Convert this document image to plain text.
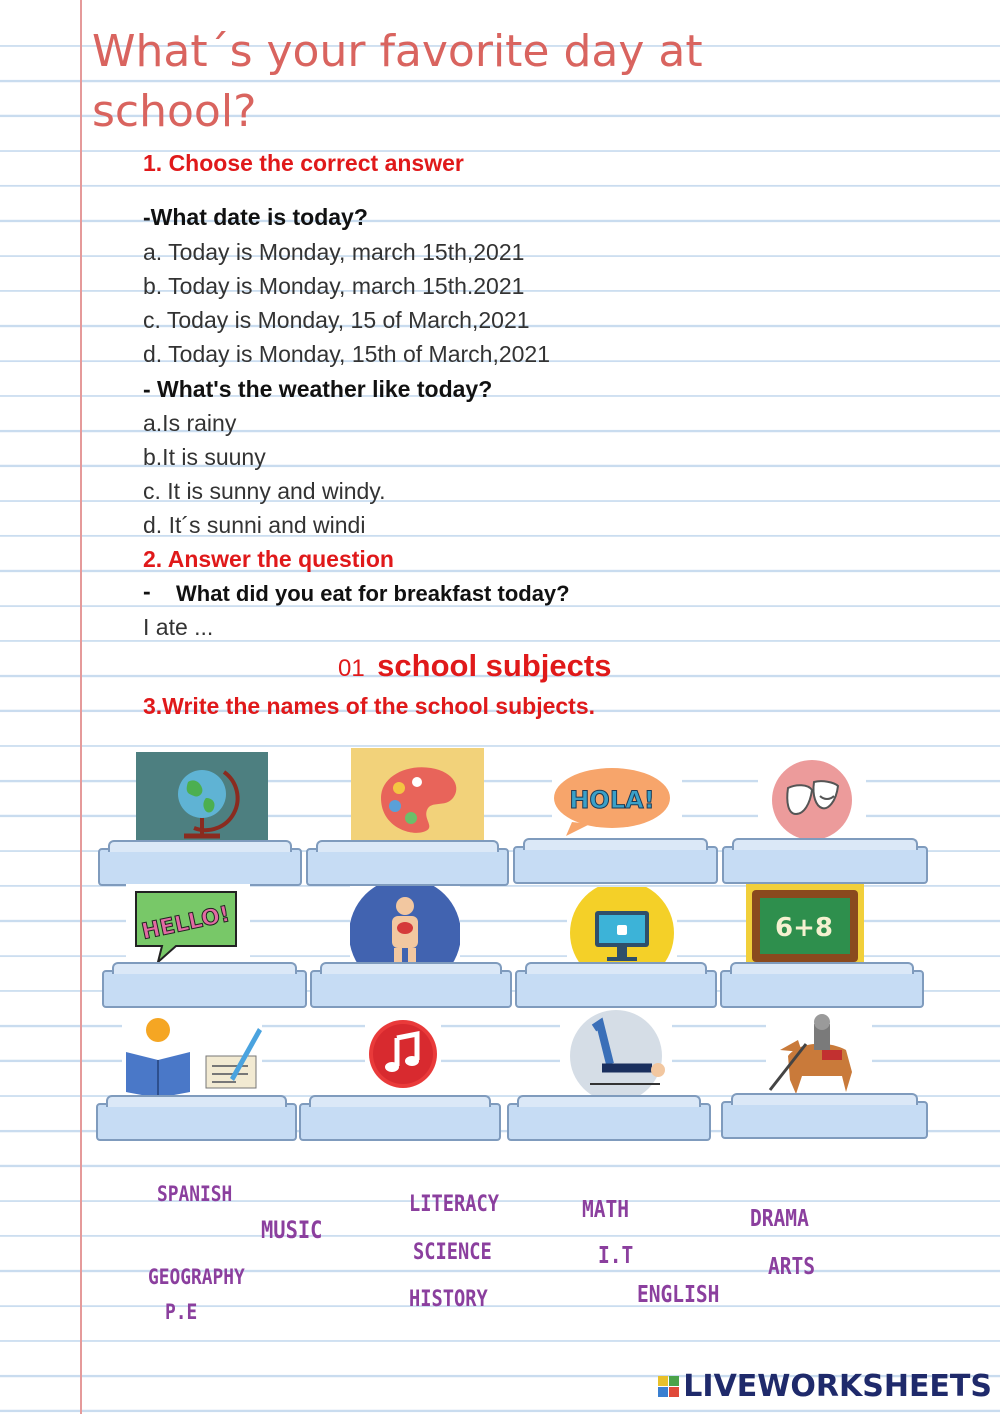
What´s your favorite day at school?
1. Choose the correct answer
-What date is today?
a. Today is Monday, march 15th,2021
b. Today is Monday, march 15th.2021
c. Today is Monday, 15 of March,2021
d. Today is Monday, 15th of March,2021
- What's the weather like today?
a.Is rainy
b.It is suuny
c. It is sunny and windy.
d. It´s sunni and windi
2. Answer the question
- What did you eat for breakfast today?
I ate ...
01 school subjects
3.Write the names of the school subjects.
HOLA!
HELLO!	6+8
SPANISH
MUSIC
GEOGRAPHY
P.E
LITERACY
SCIENCE
HISTORY
MATH
I.T
ENGLISH
DRAMA
ARTS
LIVEWORKSHEETS
